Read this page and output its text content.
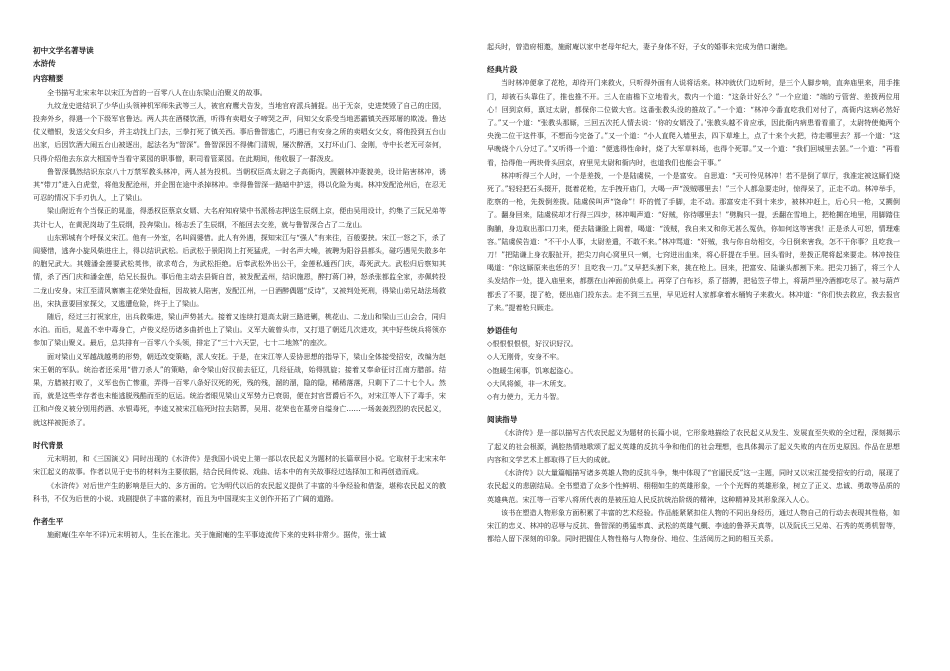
初中文学名著导读
水浒传
内容精要

全书描写北宋末年以宋江为首的一百零八人在山东梁山泊聚义的故事。

九纹龙史进结识了少华山头领神机军师朱武等三人，被官府鹰犬告发，当地官府派兵捕捉。出于无奈，史进焚毁了自己的庄园，投奔外乡，得遇一个下级军官鲁达。两人共在酒楼饮酒，听得有卖唱女子啼哭之声，问知父女系受当地恶霸镇关西郑屠的欺凌。鲁达仗义赠银，发送父女归乡，并主动找上门去，三拳打死了镇关西。事后鲁智逃亡，巧遇已有安身之所的卖唱女父女，将他投到五台山出家，后因饮酒大闹五台山被逐出，起法名为“智深”。鲁智深因不得佛门清规，屡次醉酒，又打坏山门、金刚，寺中长老无可奈何，只得介绍他去东京大相国寺当看守菜园的职事僧，职司看管菜园。在此期间，他收服了一群泼皮。

鲁智深偶然结识东京八十万禁军教头林冲，两人甚为投机。当朝权臣高太尉之子高衙内，觊觎林冲妻貌美，设计陷害林冲，诱其“带刀”进入白虎堂，将他发配沧州，并企图在途中杀掉林冲。幸得鲁智深一路暗中护送，得以化险为夷。林冲发配沧州后，在忍无可忍的情况下手刃仇人，上了梁山。

梁山附近有个当保正的晁盖，得悉权臣蔡京女婿、大名府知府梁中书派杨志押送生辰纲上京，便由吴用设计，约集了三阮兄弟等共计七人，在黄泥岗劫了生辰纲，投奔梁山。杨志丢了生辰纲，不能回去交差，就与鲁智深合占了二龙山。

山东郓城有个呼保义宋江。他有一外室，名叫阎婆惜。此人有外遇，探知宋江与“强人”有来往，百般要挟。宋江一怒之下，杀了阎婆惜，逃奔小旋风柴进庄上，得以结识武松。后武松于景阳岗上打死猛虎，一时名声大噪，被聘为阳谷县都头，碰巧遇见失散多年的胞兄武大。其嫂潘金莲要武松英伟，欲求苟合，为武松拒绝。后奉武松外出公干，金莲私通西门庆，毒死武大。武松归后察知其情，杀了西门庆和潘金莲，给兄长报仇。事后他主动去县衙自首，被发配孟州，结识施恩，醉打蒋门神，怒杀张都监全家，亦佩转投二龙山安身。宋江至清风寨寨主花荣处盘桓，因故被人陷害，发配江州，一日酒醉偶题“反诗”，又被判处死刑，得梁山弟兄劫法场救出，宋执意要回家探父，又逃遭危险，终于上了梁山。

随后，经过三打祝家庄，出兵救柴进，梁山声势甚大。接着又连续打退高太尉三路进剿，桃花山、二龙山和梁山三山会合，同归水泊。而后，晁盖不幸中毒身亡，卢俊义经历诸多曲折也上了梁山。义军大破曾头市，又打退了朝廷几次进攻，其中好些统兵将领亦参加了梁山聚义。最后，总共排有一百零八个头领，排定了“三十六天罡，七十二地煞”的座次。

面对梁山义军越战越勇的形势，朝廷改变策略，派人安抚。于是，在宋江等人妥协思想的指导下，梁山全体接受招安，改编为赵宋王朝的军队。统治者还采用“借刀杀人”的策略，命令梁山好汉前去征辽，几经征战，始得凯旋；接着又奉命征讨江南方腊部。结果，方腊被打败了，义军也伤亡惨重，弄得一百零八条好汉死的死，残的残，溜的溜，隐的隐，稀稀落落，只剩下了二十七个人。然而，就是这些幸存者也未能逃脱残酷而至的厄运。统治者眼见梁山义军势力已衰弱，便在封官晋爵后不久，对宋江等人下了毒手，宋江和卢俊义被分别用药酒、水银毒死，李逵又被宋江临死时拉去陪葬，吴用、花荣也在墓旁自缢身亡……一场轰轰烈烈的农民起义，就这样被扼杀了。

时代背景

元末明初，和《三国演义》同时出现的《水浒传》是我国小说史上第一部以农民起义为题材的长篇章回小说。它取材于北宋末年宋江起义的故事。作者以见于史书的材料为主要依据，结合民间传说、戏曲、话本中的有关故事经过选择加工和再创造而成。

《水浒传》对后世产生的影响是巨大的、多方面的。它为明代以后的农民起义提供了丰富的斗争经验和借鉴，堪称农民起义的教科书，不仅为后世的小说、戏剧提供了丰富的素材，而且为中国现实主义创作开拓了广阔的道路。

作者生平

施耐庵(生卒年不详)元末明初人，生长在淮北。关于施耐庵的生平事迹流传下来的史料非常少。据传，张士诚

起兵时，曾造府相邀，施耐庵以家中老母年纪大，妻子身体不好，子女的婚事未完成为借口谢绝。

经典片段

当时林冲便拿了花枪，却待开门来救火，只听得外面有人说将话来。林冲就伏门边听时，是三个人脚步响，直奔庙里来，用手推门，却被石头靠住了，推也推不开。三人在庙檐下立地看火，数内一个道：“这条计好么？”一个应道：“端的亏管营、差拨两位用心！回到京师，禀过太尉，都保你二位做大官。这番张教头没的推故了。”一个道：“林冲今番直吃我们对付了，高衙内这病必然好了。”又一个道：“张教头那厮，三回五次托人情去说：‘你的女婿没了。’张教头越不肯应承，因此衙内病患看看重了，太尉特使俺两个央浼二位干这件事，不想而今完备了。”又一个道：“小人直爬入墙里去，四下草堆上，点了十来个火把，待走哪里去？那一个道：“这早晚烧个八分过了。”又听得一个道：“便逃得性命时，烧了大军草料场，也得个死罪。”又一个道：“我们回城里去罢。”一个道：“再看看，拾得他一两块骨头回京，府里见太尉和衙内时，也道我们也能会干事。”

林冲听得三个人时，一个是差拨，一个是陆虞侯，一个是富安。 自思道：“天可怜见林冲！若不是倒了草厅，我准定被这厮们烧死了。”轻轻把石头掇开，挺着花枪，左手拽开庙门，大喝一声“泼贼哪里去！”三个人都急要走时，惊得呆了，正走不动。林冲举手，肐察的一枪，先拨倒差拨。陆虞侯叫声“饶命”！吓的慌了手脚，走不动。那富安走不到十来步，被林冲赶上，后心只一枪，又搠倒了。翻身回来，陆虞侯却才行得三四步，林冲喝声道：“好贼，你待哪里去！”劈胸只一提，丢翻在雪地上，把枪搠在地里，用脚踏住胸脯，身边取出那口刀来，便去陆谦脸上阁着，喝道：“泼贼，我自来又和你无甚么冤仇，你如何这等害我！正是杀人可恕，情理难容。”陆虞侯告道：“不干小人事，太尉差遣，不敢不来。”林冲骂道：“奸贼，我与你自幼相交，今日倒来害我，怎不干你事？且吃我一刀！”把陆谦上身衣服扯开，把尖刀向心窝里只一剜，七窍迸出血来，将心肝提在手里。回头看时，差拨正爬将起来要走。林冲按住喝道：“你这厮原来也恁的歹！且吃我一刀。”又早把头割下来，挑在枪上。回来，把富安、陆谦头都割下来。把尖刀插了，将三个人头发结作一处，提入庙里来，都摆在山神面前供桌上。再穿了白布衫，系了搭膊，把毡笠子带上，将葫芦里冷酒都吃尽了。被与葫芦都丢了不要，提了枪，便出庙门投东去。走不到三五里，早见近村人家都拿着水桶钩子来救火。林冲道：“你们快去救应，我去报官了来。”提着枪只顾走。

妙语佳句

◇恨恨恨恨恨，好汉识好汉。

◇人无刚骨，安身不牢。

◇饱暖生闲事，饥寒起盗心。

◇大风将倾，非一木所支。

◇有力使力，无力斗智。

阅读指导

《水浒传》是一部以描写古代农民起义为题材的长篇小说，它形象地描绘了农民起义从发生、发展直至失败的全过程，深刻揭示了起义的社会根源，满腔热情地歌颂了起义英雄的反抗斗争和他们的社会理想，也具体揭示了起义失败的内在历史原因。作品在思想内容和文学艺术上都取得了巨大的成就。

《水浒传》以大量篇幅描写诸多英雄人物的反抗斗争，集中体现了“官逼民反”这一主题，同时又以宋江接受招安的行动，展现了农民起义的悲剧结局。全书塑造了众多个性鲜明、栩栩如生的英雄形象，一个个光辉的英雄形象，树立了正义、忠诚、勇敢等品质的英雄典范。宋江等一百零八将所代表的是被压迫人民反抗统治阶级的精神，这种精神及其形象深入人心。

该书在塑造人物形象方面积累了丰富的艺术经验。作品能紧紧扣住人物的不同出身经历，通过人物自己的行动去表现其性格，如宋江的忠义、林冲的忍辱与反抗、鲁智深的勇猛率真、武松的英雄气概、李逵的鲁莽天真等，以及阮氏三兄弟、石秀的英勇机智等，都给人留下深刻的印象。同时把握住人物性格与人物身份、地位、生活阅历之间的相互关系。
